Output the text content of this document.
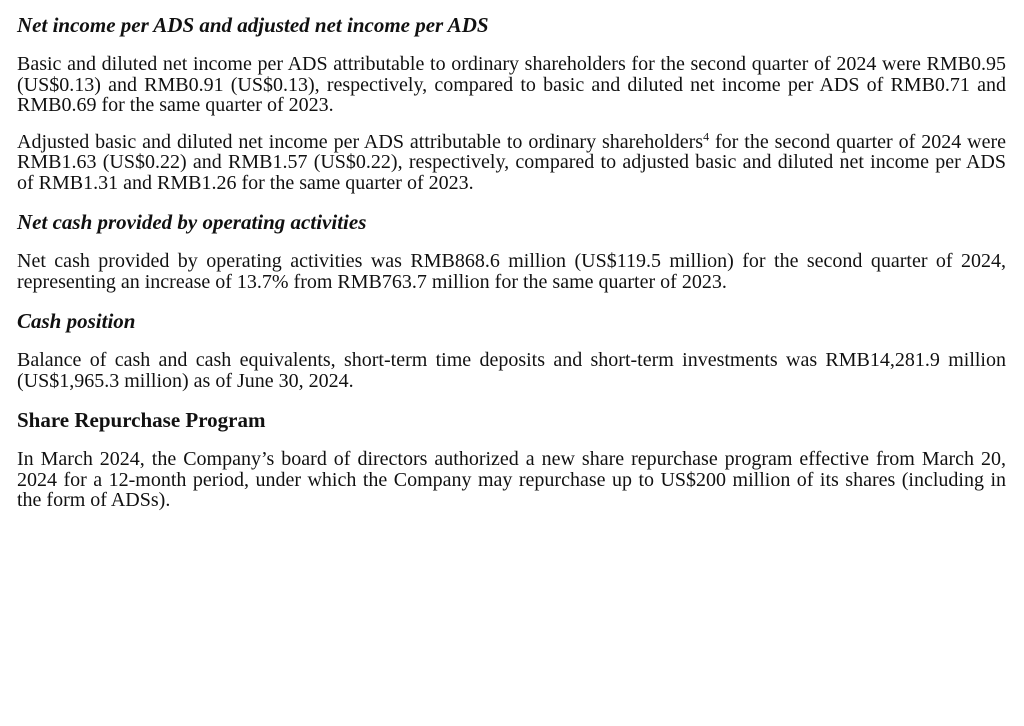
Net income per ADS and adjusted net income per ADS

Basic and diluted net income per ADS attributable to ordinary shareholders for the second quarter of 2024 were RMB0.95 (US$0.13) and RMB0.91 (US$0.13), respectively, compared to basic and diluted net income per ADS of RMB0.71 and RMB0.69 for the same quarter of 2023.

Adjusted basic and diluted net income per ADS attributable to ordinary shareholders$^4$ for the second quarter of 2024 were RMB1.63 (US$0.22) and RMB1.57 (US$0.22), respectively, compared to adjusted basic and diluted net income per ADS of RMB1.31 and RMB1.26 for the same quarter of 2023.

Net cash provided by operating activities

Net cash provided by operating activities was RMB868.6 million (US$119.5 million) for the second quarter of 2024, representing an increase of 13.7% from RMB763.7 million for the same quarter of 2023.

Cash position

Balance of cash and cash equivalents, short-term time deposits and short-term investments was RMB14,281.9 million (US$1,965.3 million) as of June 30, 2024.

Share Repurchase Program

In March 2024, the Company’s board of directors authorized a new share repurchase program effective from March 20, 2024 for a 12-month period, under which the Company may repurchase up to US$200 million of its shares (including in the form of ADSs).
